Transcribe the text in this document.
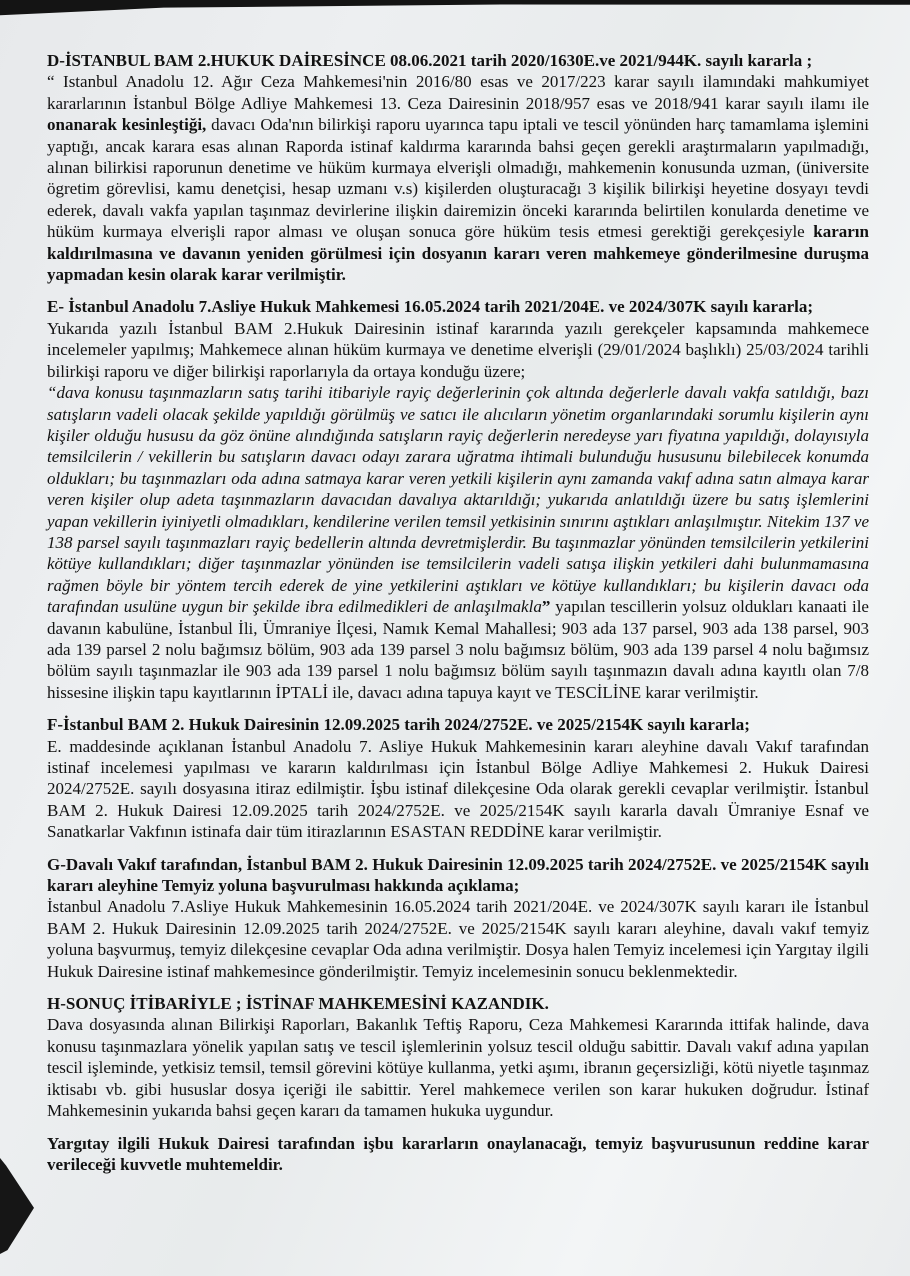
D-İSTANBUL BAM 2.HUKUK DAİRESİNCE 08.06.2021 tarih 2020/1630E.ve 2021/944K. sayılı kararla ;

“ Istanbul Anadolu 12. Ağır Ceza Mahkemesi'nin 2016/80 esas ve 2017/223 karar sayılı ilamındaki mahkumiyet kararlarının İstanbul Bölge Adliye Mahkemesi 13. Ceza Dairesinin 2018/957 esas ve 2018/941 karar sayılı ilamı ile onanarak kesinleştiği, davacı Oda'nın bilirkişi raporu uyarınca tapu iptali ve tescil yönünden harç tamamlama işlemini yaptığı, ancak karara esas alınan Raporda istinaf kaldırma kararında bahsi geçen gerekli araştırmaların yapılmadığı, alınan bilirkisi raporunun denetime ve hüküm kurmaya elverişli olmadığı, mahkemenin konusunda uzman, (üniversite ögretim görevlisi, kamu denetçisi, hesap uzmanı v.s) kişilerden oluşturacağı 3 kişilik bilirkişi heyetine dosyayı tevdi ederek, davalı vakfa yapılan taşınmaz devirlerine ilişkin dairemizin önceki kararında belirtilen konularda denetime ve hüküm kurmaya elverişli rapor alması ve oluşan sonuca göre hüküm tesis etmesi gerektiği gerekçesiyle kararın kaldırılmasına ve davanın yeniden görülmesi için dosyanın kararı veren mahkemeye gönderilmesine duruşma yapmadan kesin olarak karar verilmiştir.

E- İstanbul Anadolu 7.Asliye Hukuk Mahkemesi 16.05.2024 tarih 2021/204E. ve 2024/307K sayılı kararla;

Yukarıda yazılı İstanbul BAM 2.Hukuk Dairesinin istinaf kararında yazılı gerekçeler kapsamında mahkemece incelemeler yapılmış; Mahkemece alınan hüküm kurmaya ve denetime elverişli (29/01/2024 başlıklı) 25/03/2024 tarihli bilirkişi raporu ve diğer bilirkişi raporlarıyla da ortaya konduğu üzere;

“dava konusu taşınmazların satış tarihi itibariyle rayiç değerlerinin çok altında değerlerle davalı vakfa satıldığı, bazı satışların vadeli olacak şekilde yapıldığı görülmüş ve satıcı ile alıcıların yönetim organlarındaki sorumlu kişilerin aynı kişiler olduğu hususu da göz önüne alındığında satışların rayiç değerlerin neredeyse yarı fiyatına yapıldığı, dolayısıyla temsilcilerin / vekillerin bu satışların davacı odayı zarara uğratma ihtimali bulunduğu hususunu bilebilecek konumda oldukları; bu taşınmazları oda adına satmaya karar veren yetkili kişilerin aynı zamanda vakıf adına satın almaya karar veren kişiler olup adeta taşınmazların davacıdan davalıya aktarıldığı; yukarıda anlatıldığı üzere bu satış işlemlerini yapan vekillerin iyiniyetli olmadıkları, kendilerine verilen temsil yetkisinin sınırını aştıkları anlaşılmıştır. Nitekim 137 ve 138 parsel sayılı taşınmazları rayiç bedellerin altında devretmişlerdir. Bu taşınmazlar yönünden temsilcilerin yetkilerini kötüye kullandıkları; diğer taşınmazlar yönünden ise temsilcilerin vadeli satışa ilişkin yetkileri dahi bulunmamasına rağmen böyle bir yöntem tercih ederek de yine yetkilerini aştıkları ve kötüye kullandıkları; bu kişilerin davacı oda tarafından usulüne uygun bir şekilde ibra edilmedikleri de anlaşılmakla” yapılan tescillerin yolsuz oldukları kanaati ile davanın kabulüne, İstanbul İli, Ümraniye İlçesi, Namık Kemal Mahallesi; 903 ada 137 parsel, 903 ada 138 parsel, 903 ada 139 parsel 2 nolu bağımsız bölüm, 903 ada 139 parsel 3 nolu bağımsız bölüm, 903 ada 139 parsel 4 nolu bağımsız bölüm sayılı taşınmazlar ile 903 ada 139 parsel 1 nolu bağımsız bölüm sayılı taşınmazın davalı adına kayıtlı olan 7/8 hissesine ilişkin tapu kayıtlarının İPTALİ ile, davacı adına tapuya kayıt ve TESCİLİNE karar verilmiştir.

F-İstanbul BAM 2. Hukuk Dairesinin 12.09.2025 tarih 2024/2752E. ve 2025/2154K sayılı kararla;

E. maddesinde açıklanan İstanbul Anadolu 7. Asliye Hukuk Mahkemesinin kararı aleyhine davalı Vakıf tarafından istinaf incelemesi yapılması ve kararın kaldırılması için İstanbul Bölge Adliye Mahkemesi 2. Hukuk Dairesi 2024/2752E. sayılı dosyasına itiraz edilmiştir. İşbu istinaf dilekçesine Oda olarak gerekli cevaplar verilmiştir. İstanbul BAM 2. Hukuk Dairesi 12.09.2025 tarih 2024/2752E. ve 2025/2154K sayılı kararla davalı Ümraniye Esnaf ve Sanatkarlar Vakfının istinafa dair tüm itirazlarının ESASTAN REDDİNE karar verilmiştir.

G-Davalı Vakıf tarafından, İstanbul BAM 2. Hukuk Dairesinin 12.09.2025 tarih 2024/2752E. ve 2025/2154K sayılı kararı aleyhine Temyiz yoluna başvurulması hakkında açıklama;

İstanbul Anadolu 7.Asliye Hukuk Mahkemesinin 16.05.2024 tarih 2021/204E. ve 2024/307K sayılı kararı ile İstanbul BAM 2. Hukuk Dairesinin 12.09.2025 tarih 2024/2752E. ve 2025/2154K sayılı kararı aleyhine, davalı vakıf temyiz yoluna başvurmuş, temyiz dilekçesine cevaplar Oda adına verilmiştir. Dosya halen Temyiz incelemesi için Yargıtay ilgili Hukuk Dairesine istinaf mahkemesince gönderilmiştir. Temyiz incelemesinin sonucu beklenmektedir.

H-SONUÇ İTİBARİYLE ; İSTİNAF MAHKEMESİNİ KAZANDIK.

Dava dosyasında alınan Bilirkişi Raporları, Bakanlık Teftiş Raporu, Ceza Mahkemesi Kararında ittifak halinde, dava konusu taşınmazlara yönelik yapılan satış ve tescil işlemlerinin yolsuz tescil olduğu sabittir. Davalı vakıf adına yapılan tescil işleminde, yetkisiz temsil, temsil görevini kötüye kullanma, yetki aşımı, ibranın geçersizliği, kötü niyetle taşınmaz iktisabı vb. gibi hususlar dosya içeriği ile sabittir. Yerel mahkemece verilen son karar hukuken doğrudur. İstinaf Mahkemesinin yukarıda bahsi geçen kararı da tamamen hukuka uygundur.

Yargıtay ilgili Hukuk Dairesi tarafından işbu kararların onaylanacağı, temyiz başvurusunun reddine karar verileceği kuvvetle muhtemeldir.
